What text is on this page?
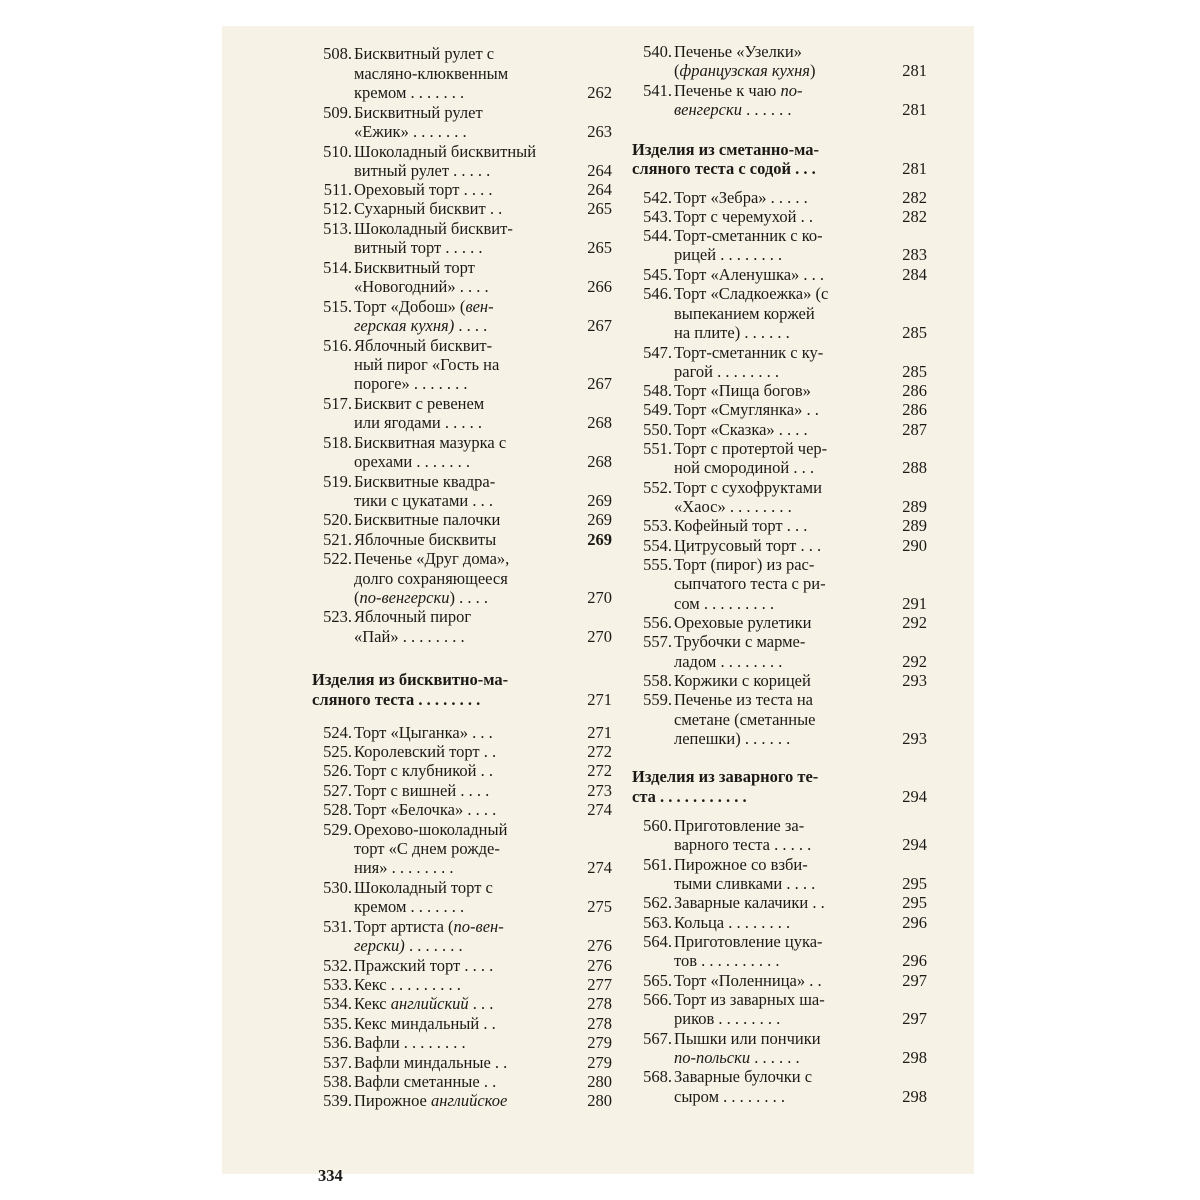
508. Бисквитный рулет с
масляно-клюквенным
кремом . . . . . . .	262
509. Бисквитный рулет
«Ежик» . . . . . . .	263
510. Шоколадный бисквитный
витный рулет . . . . .	264
511. Ореховый торт . . . .	264
512. Сухарный бисквит . .	265
513. Шоколадный бисквит-
витный торт . . . . .	265
514. Бисквитный торт
«Новогодний» . . . .	266
515. Торт «Добош» (вен-
герская кухня) . . . .	267
516. Яблочный бисквит-
ный пирог «Гость на
пороге» . . . . . . .	267
517. Бисквит с ревенем
или ягодами . . . . .	268
518. Бисквитная мазурка с
орехами . . . . . . .	268
519. Бисквитные квадра-
тики с цукатами . . .	269
520. Бисквитные палочки	269
521. Яблочные бисквиты	269
522. Печенье «Друг дома»,
долго сохраняющееся
(по-венгерски) . . . .	270
523. Яблочный пирог
«Пай» . . . . . . . .	270
Изделия из бисквитно-ма-
сляного теста . . . . . . . .	271
524. Торт «Цыганка» . . .	271
525. Королевский торт . .	272
526. Торт с клубникой . .	272
527. Торт с вишней . . . .	273
528. Торт «Белочка» . . . .	274
529. Орехово-шоколадный
торт «С днем рожде-
ния» . . . . . . . .	274
530. Шоколадный торт с
кремом . . . . . . .	275
531. Торт артиста (по-вен-
герски) . . . . . . .	276
532. Пражский торт . . . .	276
533. Кекс . . . . . . . . .	277
534. Кекс английский . . .	278
535. Кекс миндальный . .	278
536. Вафли . . . . . . . .	279
537. Вафли миндальные . .	279
538. Вафли сметанные . .	280
539. Пирожное английское	280
540. Печенье «Узелки»
(французская кухня)	281
541. Печенье к чаю по-
венгерски . . . . . .	281
Изделия из сметанно-ма-
сляного теста с содой . . .	281
542. Торт «Зебра» . . . . .	282
543. Торт с черемухой . .	282
544. Торт-сметанник с ко-
рицей . . . . . . . .	283
545. Торт «Аленушка» . . .	284
546. Торт «Сладкоежка» (с
выпеканием коржей
на плите) . . . . . .	285
547. Торт-сметанник с ку-
рагой . . . . . . . .	285
548. Торт «Пища богов»	286
549. Торт «Смуглянка» . .	286
550. Торт «Сказка» . . . .	287
551. Торт с протертой чер-
ной смородиной . . .	288
552. Торт с сухофруктами
«Хаос» . . . . . . . .	289
553. Кофейный торт . . .	289
554. Цитрусовый торт . . .	290
555. Торт (пирог) из рас-
сыпчатого теста с ри-
сом . . . . . . . . .	291
556. Ореховые рулетики	292
557. Трубочки с марме-
ладом . . . . . . . .	292
558. Коржики с корицей	293
559. Печенье из теста на
сметане (сметанные
лепешки) . . . . . .	293
Изделия из заварного те-
ста . . . . . . . . . . .	294
560. Приготовление за-
варного теста . . . . .	294
561. Пирожное со взби-
тыми сливками . . . .	295
562. Заварные калачики . .	295
563. Кольца . . . . . . . .	296
564. Приготовление цука-
тов . . . . . . . . . .	296
565. Торт «Поленница» . .	297
566. Торт из заварных ша-
риков . . . . . . . .	297
567. Пышки или пончики
по-польски . . . . . .	298
568. Заварные булочки с
сыром . . . . . . . .	298
334
